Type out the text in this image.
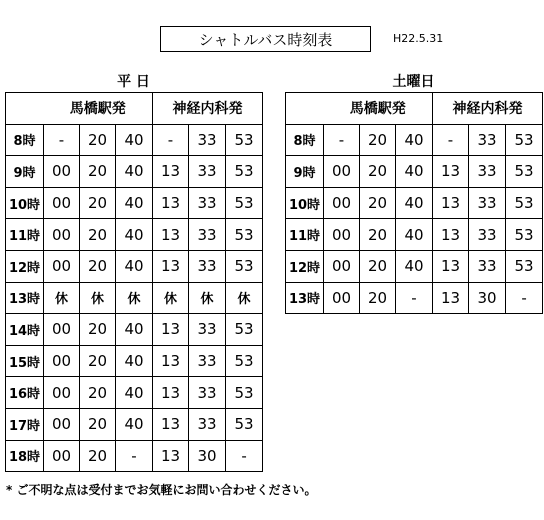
シャトルバス時刻表	H22.5.31
平 日	土曜日
	馬橋駅発			神経内科発		
8時	-	20	40	-	33	53
9時	00	20	40	13	33	53
10時	00	20	40	13	33	53
11時	00	20	40	13	33	53
12時	00	20	40	13	33	53
13時	休	休	休	休	休	休
14時	00	20	40	13	33	53
15時	00	20	40	13	33	53
16時	00	20	40	13	33	53
17時	00	20	40	13	33	53
18時	00	20	-	13	30	-
	馬橋駅発			神経内科発		
8時	-	20	40	-	33	53
9時	00	20	40	13	33	53
10時	00	20	40	13	33	53
11時	00	20	40	13	33	53
12時	00	20	40	13	33	53
13時	00	20	-	13	30	-
* ご不明な点は受付までお気軽にお問い合わせください。
